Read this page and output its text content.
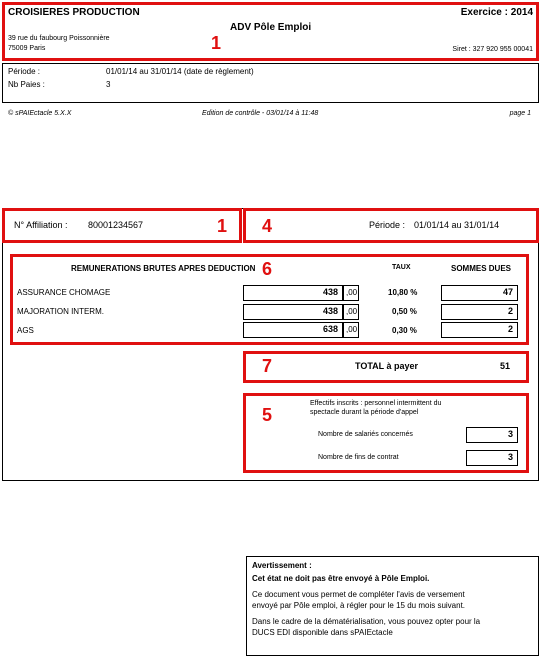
CROISIERES PRODUCTION	Exercice : 2014
ADV Pôle Emploi
39 rue du faubourg Poissonnière
75009 Paris	Siret : 327 920 955 00041
1
Période :	01/01/14 au 31/01/14 (date de règlement)
Nb Paies :	3
© sPAIEctacle 5.X.X	Edition de contrôle - 03/01/14 à 11:48	page 1
N° Affiliation : 80001234567	1 4	Période : 01/01/14 au 31/01/14
6
REMUNERATIONS BRUTES APRES DEDUCTION	TAUX	SOMMES DUES
ASSURANCE CHOMAGE	438	,00	10,80 %	47
MAJORATION INTERM.	438	,00	0,50 %	2
AGS	638	,00	0,30 %	2
7	TOTAL à payer	51
5
Effectifs inscrits : personnel intermittent du
spectacle durant la période d'appel
Nombre de salariés concernés	3
Nombre de fins de contrat	3
Avertissement :
Cet état ne doit pas être envoyé à Pôle Emploi.
Ce document vous permet de compléter l'avis de versement
envoyé par Pôle emploi, à régler pour le 15 du mois suivant.
Dans le cadre de la dématérialisation, vous pouvez opter pour la
DUCS EDI disponible dans sPAIEctacle
